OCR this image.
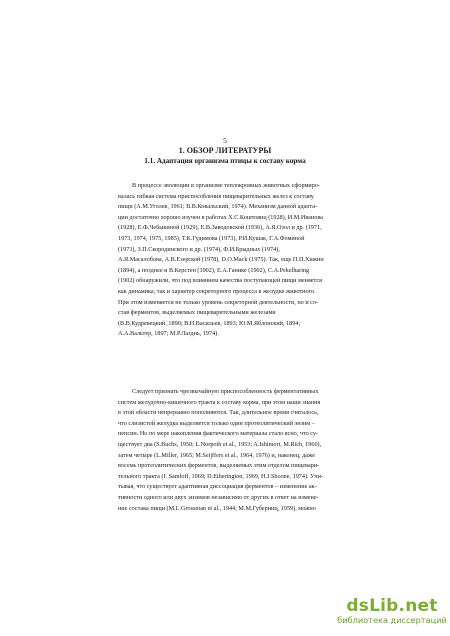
5
1. ОБЗОР ЛИТЕРАТУРЫ
1.1. Адаптация организма птицы к составу корма
В процессе эволюции в организме теплокровных животных сформиро-
валась гибкая система приспособления пищеварительных желез к составу
пищи (А.М.Уголев, 1961; В.В.Ковальский, 1974). Механизм данной адапта-
ции достаточно хорошо изучен в работах Х.С.Коштоянц (1928), И.М.Иванова
(1928), Е.Ф.Чебыкиной (1929), Е.В.Заводовской (1936), А.Я.Озол и др. (1971,
1973, 1974, 1975, 1985), Т.К.Гудимова (1973), Р.И.Кушак, Г.А.Фоминой
(1973), З.П.Скородинского и др. (1974), Ф.И.Брыдных (1974),
А.Я.Масалобова, А.В.Езерской (1978), D.O.Mack (1975). Так, еще П.П.Хижин
(1894), а позднее и В.Керстен (1902), Е.А.Ганике (1902), С.А.Pekelharing
(1902) обнаружили, что под влиянием качества поступающей пищи меняется
как динамика, так и характер секреторного процесса в желудке животного.
При этом изменяется не только уровень секреторной деятельности, но и со-
став ферментов, выделяемых пищеварительными железами
(В.В.Кудревецкий, 1890; В.Н.Васильев, 1893; Ю.М.Яблонский, 1894;
А.А.Вальтер, 1897; М.Р.Лазднь, 1974).
Следует признать чрезвычайную приспособленность ферментативных
систем желудочно-кишечного тракта к составу корма, при этом наши знания
в этой области непрерывно пополняются. Так, длительное время считалось,
что слизистой желудка выделяется только один протеолитический энзим –
пепсин. Но по мере накопления фактического материала стало ясно, что су-
ществует два (S.Buchs, 1950; L.Norpoth et al., 1953; A.Ishimori, M.Rich, 1960),
затем четыре (L.Miller, 1965; M.Seijffers et al., 1964, 1976) и, наконец, даже
восемь протеолитических ферментов, выделяемых этим отделом пищевари-
тельного тракта (I. Samloff, 1969; D.Etherington, 1969, H.J.Shoone, 1974). Учи-
тывая, что существует адаптивная диссоциация ферментов – изменение ак-
тивности одного или двух энзимов независимо от других в ответ на измене-
ние состава пищи (M.L.Grossman et al., 1944; М.М.Губерниц, 1959), можно
dsLib.net
библиотека диссертаций
